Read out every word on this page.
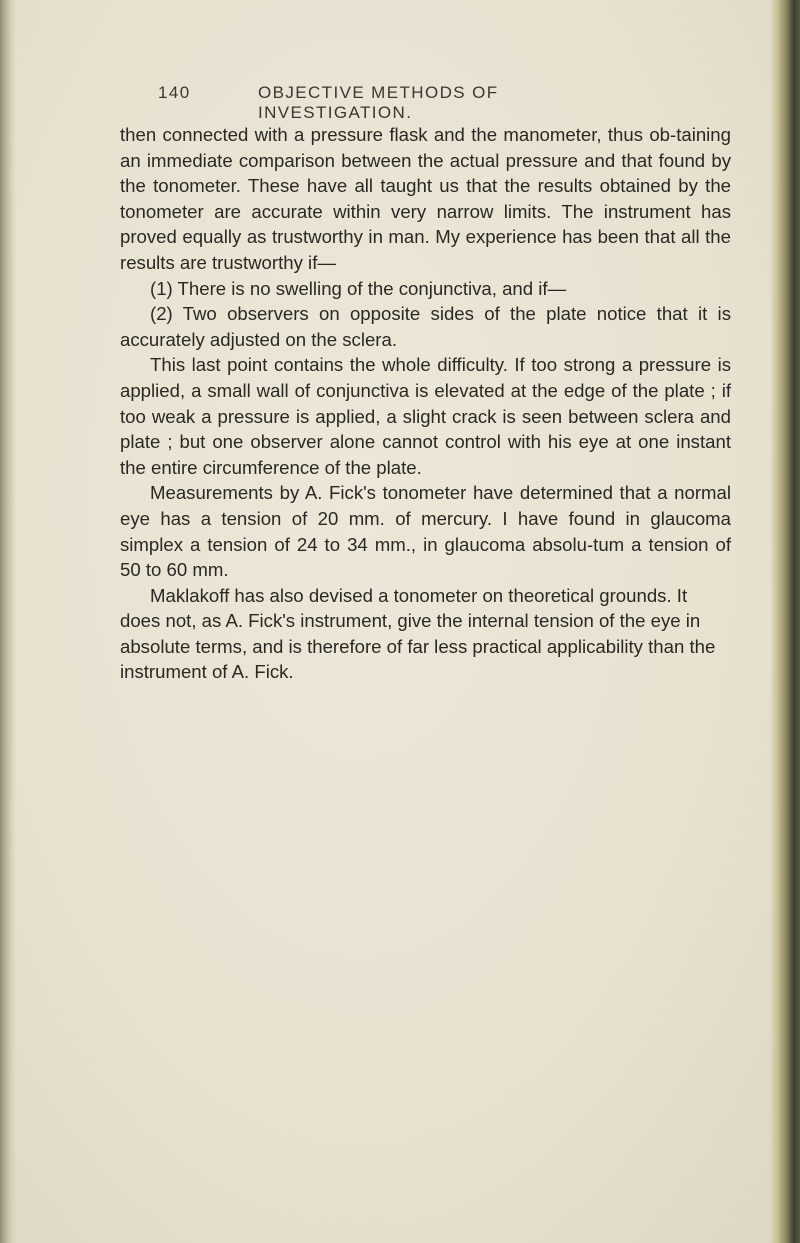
140	OBJECTIVE METHODS OF INVESTIGATION.

then connected with a pressure flask and the manometer, thus ob-taining an immediate comparison between the actual pressure and that found by the tonometer. These have all taught us that the results obtained by the tonometer are accurate within very narrow limits. The instrument has proved equally as trustworthy in man. My experience has been that all the results are trustworthy if—

(1) There is no swelling of the conjunctiva, and if—

(2) Two observers on opposite sides of the plate notice that it is accurately adjusted on the sclera.

This last point contains the whole difficulty. If too strong a pressure is applied, a small wall of conjunctiva is elevated at the edge of the plate ; if too weak a pressure is applied, a slight crack is seen between sclera and plate ; but one observer alone cannot control with his eye at one instant the entire circumference of the plate.

Measurements by A. Fick's tonometer have determined that a normal eye has a tension of 20 mm. of mercury. I have found in glaucoma simplex a tension of 24 to 34 mm., in glaucoma absolu-tum a tension of 50 to 60 mm.

Maklakoff has also devised a tonometer on theoretical grounds. It does not, as A. Fick's instrument, give the internal tension of the eye in absolute terms, and is therefore of far less practical applicability than the instrument of A. Fick.
